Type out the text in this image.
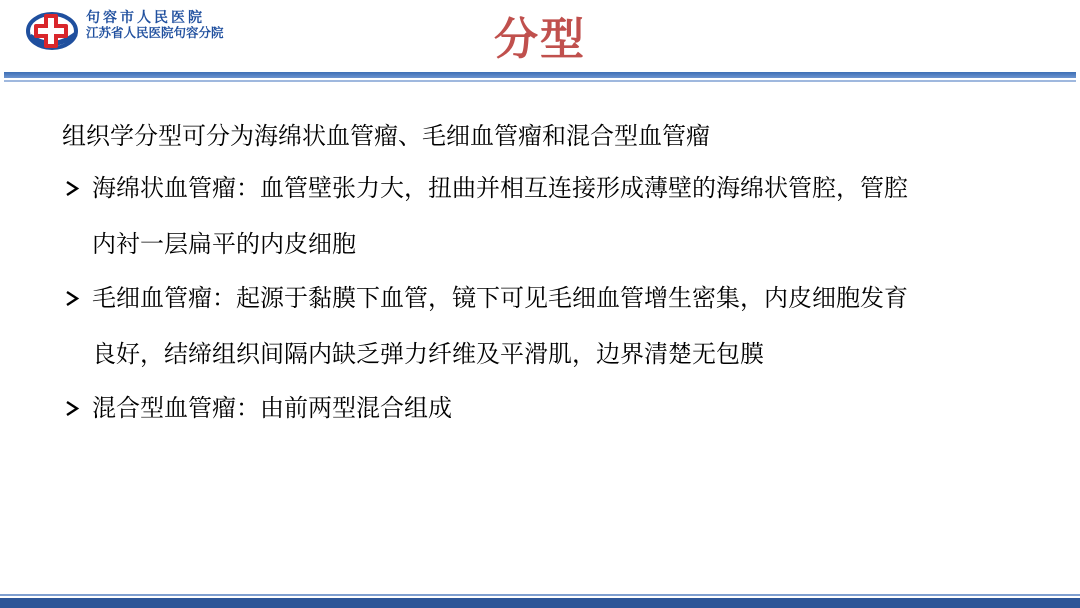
句容市人民医院
江苏省人民医院句容分院	分型
组织学分型可分为海绵状血管瘤、毛细血管瘤和混合型血管瘤
海绵状血管瘤：血管壁张力大，扭曲并相互连接形成薄壁的海绵状管腔，管腔
内衬一层扁平的内皮细胞
毛细血管瘤：起源于黏膜下血管，镜下可见毛细血管增生密集，内皮细胞发育
良好，结缔组织间隔内缺乏弹力纤维及平滑肌，边界清楚无包膜
混合型血管瘤：由前两型混合组成
